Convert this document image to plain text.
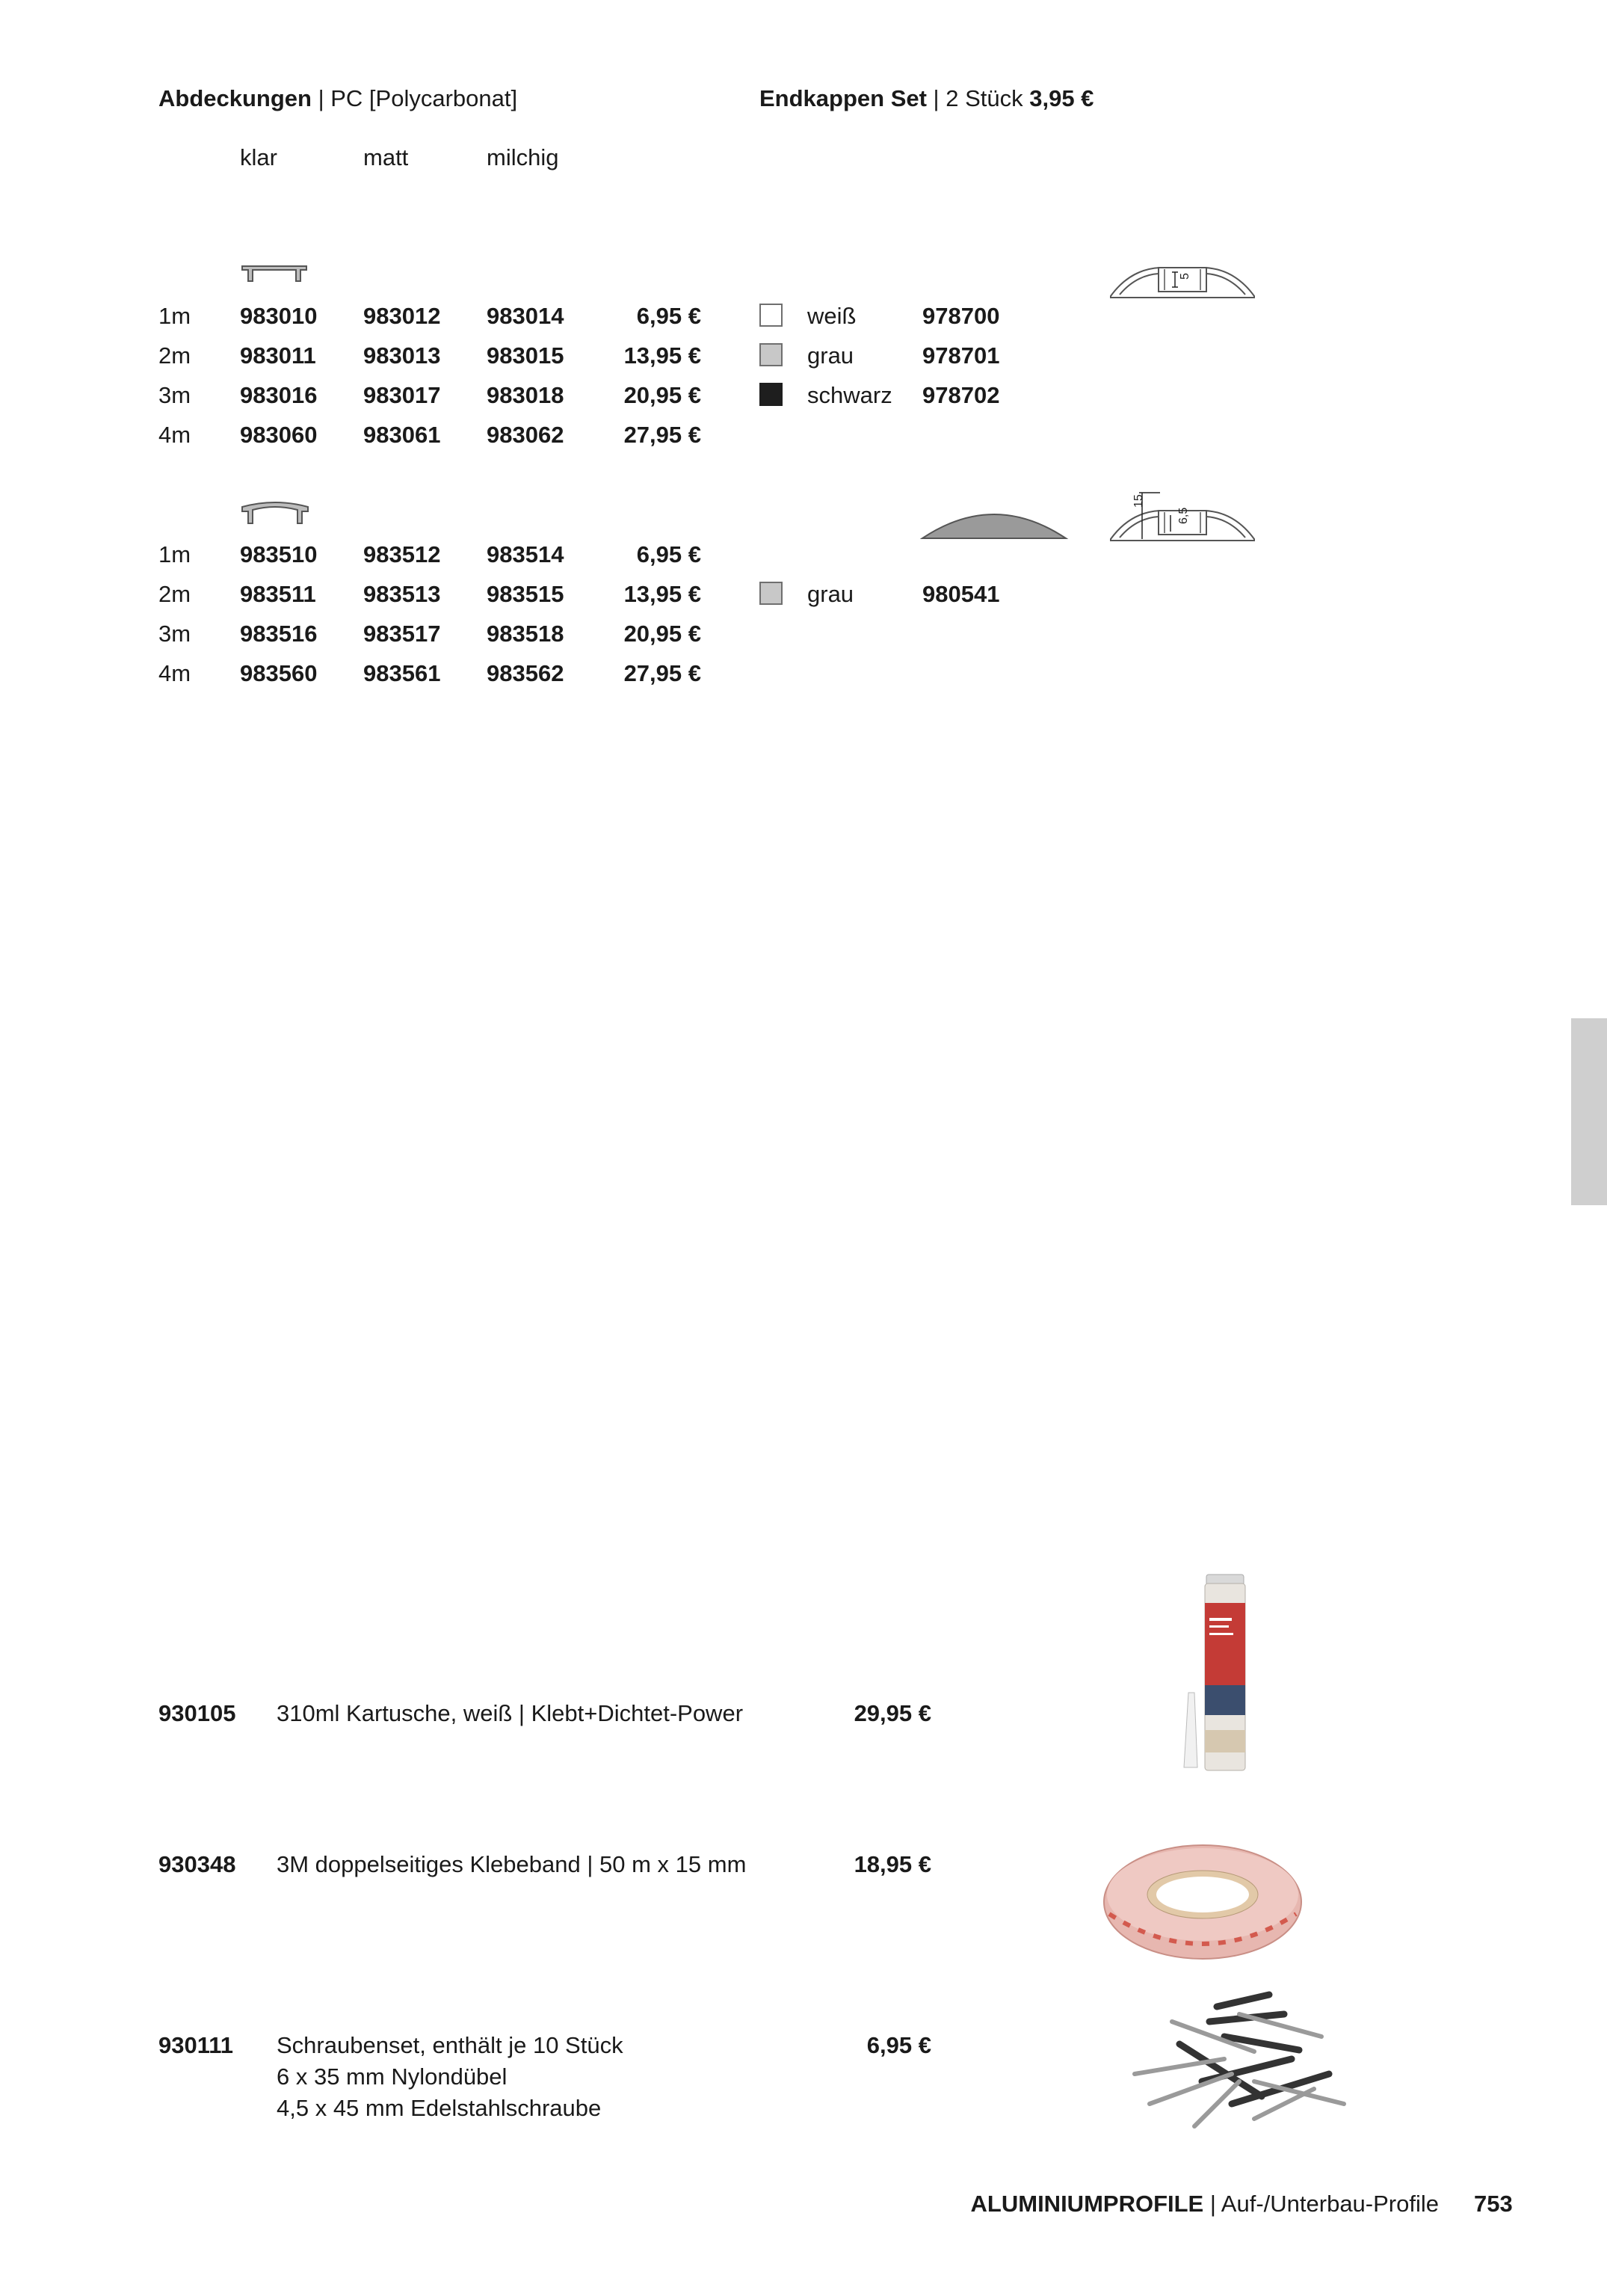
Abdeckungen | PC [Polycarbonat]
klar	matt	milchig
1m 983010 983012 983014	6,95 €
2m 983011 983013 983015	13,95 €
3m 983016 983017 983018	20,95 €
4m 983060 983061 983062	27,95 €
1m 983510 983512 983514	6,95 €
2m 983511 983513 983515	13,95 €
3m 983516 983517 983518	20,95 €
4m 983560 983561 983562	27,95 €
Endkappen Set | 2 Stück 3,95 €
5
weiß	978700
grau	978701
schwarz 978702
15
6,5
grau	980541
930105 310ml Kartusche, weiß | Klebt+Dichtet-Power	29,95 €
930348 3M doppelseitiges Klebeband | 50 m x 15 mm	18,95 €
930111 Schraubenset, enthält je 10 Stück
6 x 35 mm Nylondübel
4,5 x 45 mm Edelstahlschraube
6,95 €
ALUMINIUMPROFILE | Auf-/Unterbau-Profile 753
